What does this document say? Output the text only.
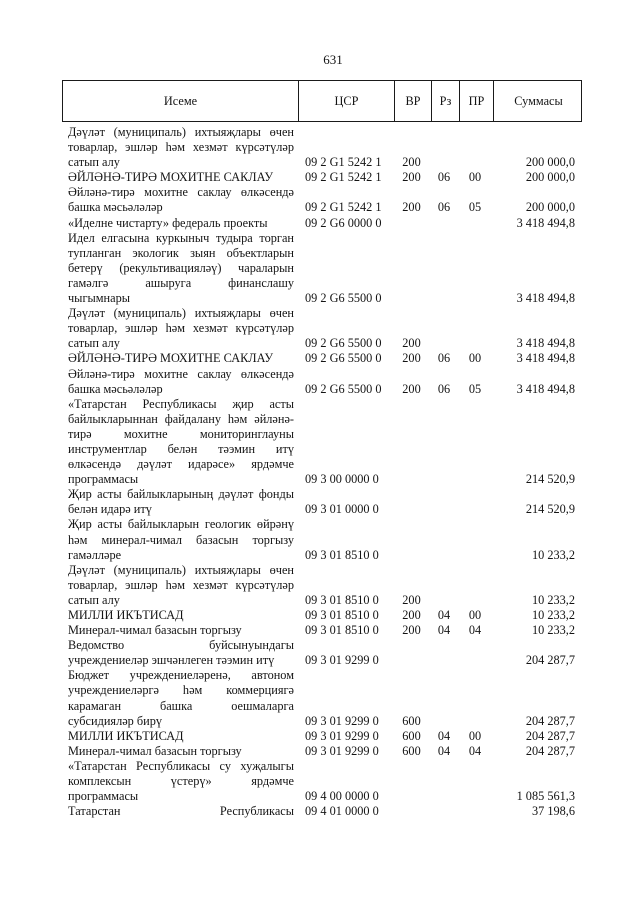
631
Исеме	ЦСР	ВР	Рз	ПР	Суммасы
Дәүләт (муниципаль) ихтыяҗлары өчен
товарлар, эшләр һәм хезмәт күрсәтүләр
сатып алу	09 2 G1 5242 1	200	200 000,0
ӘЙЛӘНӘ-ТИРӘ МОХИТНЕ САКЛАУ	09 2 G1 5242 1	200	06	00	200 000,0
Әйләнә-тирә мохитне саклау өлкәсендә
башка мәсьәләләр	09 2 G1 5242 1	200	06	05	200 000,0
«Иделне чистарту» федераль проекты	09 2 G6 0000 0	3 418 494,8
Идел елгасына куркыныч тудыра торган
тупланган экологик зыян объектларын
бетерү (рекультивацияләү) чараларын
гамәлгә ашыруга финанслашу
чыгымнары	09 2 G6 5500 0	3 418 494,8
Дәүләт (муниципаль) ихтыяҗлары өчен
товарлар, эшләр һәм хезмәт күрсәтүләр
сатып алу	09 2 G6 5500 0	200	3 418 494,8
ӘЙЛӘНӘ-ТИРӘ МОХИТНЕ САКЛАУ	09 2 G6 5500 0	200	06	00	3 418 494,8
Әйләнә-тирә мохитне саклау өлкәсендә
башка мәсьәләләр	09 2 G6 5500 0	200	06	05	3 418 494,8
«Татарстан Республикасы җир асты
байлыкларыннан файдалану һәм әйләнә-
тирә мохитне мониторинглауны
инструментлар белән тәэмин итү
өлкәсендә дәүләт идарәсе» ярдәмче
программасы	09 3 00 0000 0	214 520,9
Җир асты байлыкларының дәүләт фонды
белән идарә итү	09 3 01 0000 0	214 520,9
Җир асты байлыкларын геологик өйрәнү
һәм минерал-чимал базасын торгызу
гамәлләре	09 3 01 8510 0	10 233,2
Дәүләт (муниципаль) ихтыяҗлары өчен
товарлар, эшләр һәм хезмәт күрсәтүләр
сатып алу	09 3 01 8510 0	200	10 233,2
МИЛЛИ ИКЪТИСАД	09 3 01 8510 0	200	04	00	10 233,2
Минерал-чимал базасын торгызу	09 3 01 8510 0	200	04	04	10 233,2
Ведомство буйсынуындагы
учреждениеләр эшчәнлеген тәэмин итү	09 3 01 9299 0	204 287,7
Бюджет учреждениеләренә, автоном
учреждениеләргә һәм коммерциягә
карамаган башка оешмаларга
субсидияләр бирү	09 3 01 9299 0	600	204 287,7
МИЛЛИ ИКЪТИСАД	09 3 01 9299 0	600	04	00	204 287,7
Минерал-чимал базасын торгызу	09 3 01 9299 0	600	04	04	204 287,7
«Татарстан Республикасы су хуҗалыгы
комплексын үстерү» ярдәмче
программасы	09 4 00 0000 0	1 085 561,3
Татарстан Республикасы 09 4 01 0000 0	37 198,6
